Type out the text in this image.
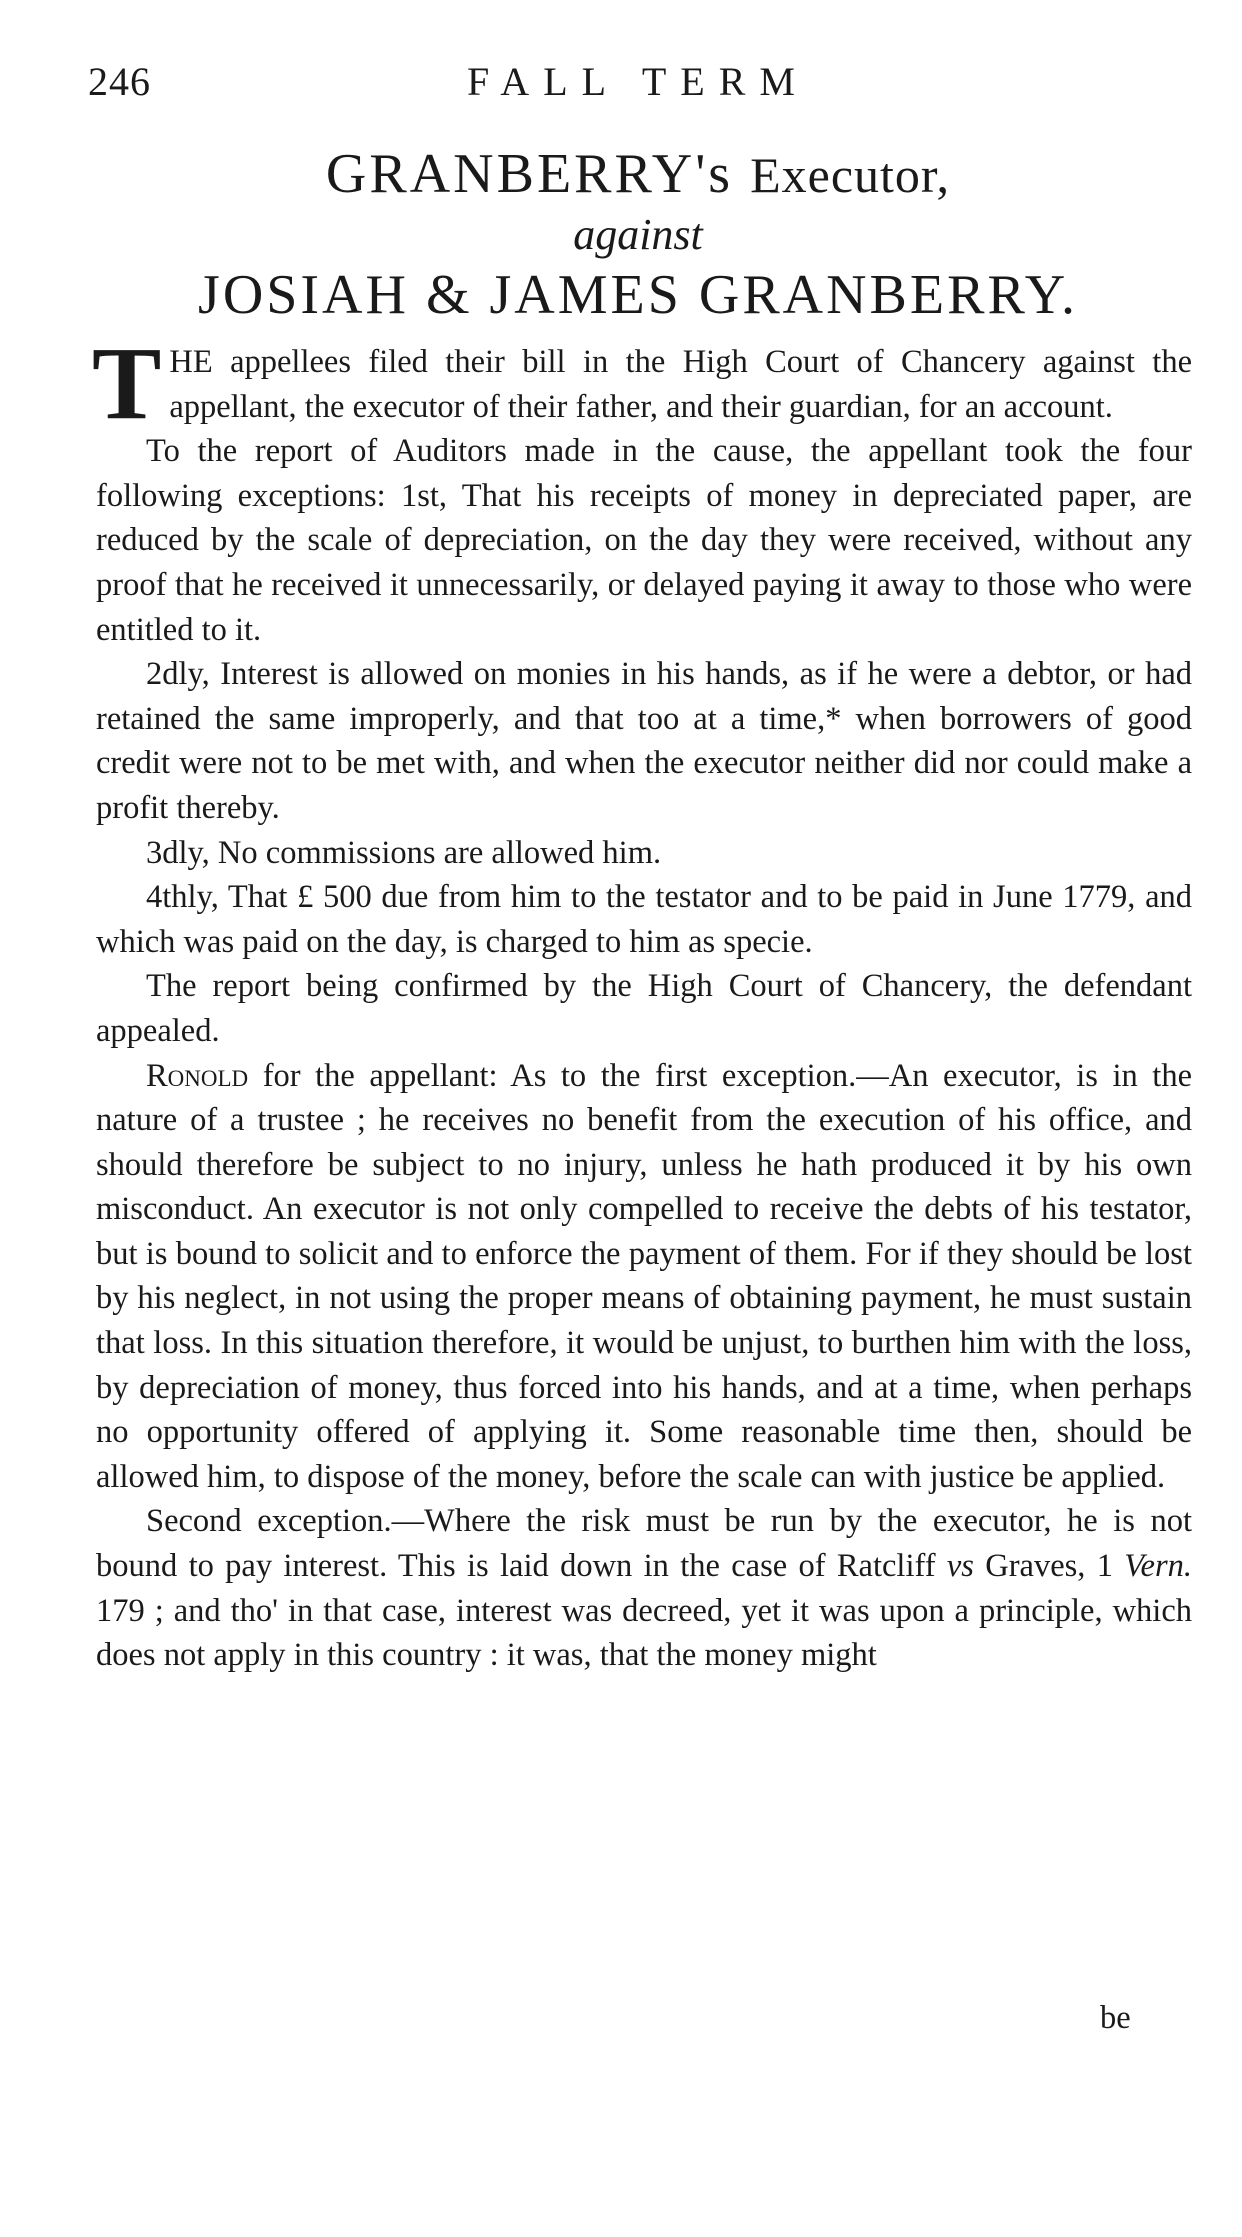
246	FALL TERM
GRANBERRY's Executor,
against
JOSIAH & JAMES GRANBERRY.

THE appellees filed their bill in the High Court of Chancery against the appellant, the executor of their father, and their guardian, for an account.

To the report of Auditors made in the cause, the appellant took the four following exceptions: 1st, That his receipts of money in depreciated paper, are reduced by the scale of depreciation, on the day they were received, without any proof that he received it unnecessarily, or delayed paying it away to those who were entitled to it.

2dly, Interest is allowed on monies in his hands, as if he were a debtor, or had retained the same improperly, and that too at a time,* when borrowers of good credit were not to be met with, and when the executor neither did nor could make a profit thereby.

3dly, No commissions are allowed him.

4thly, That £ 500 due from him to the testator and to be paid in June 1779, and which was paid on the day, is charged to him as specie.

The report being confirmed by the High Court of Chancery, the defendant appealed.

Ronold for the appellant: As to the first exception.—An executor, is in the nature of a trustee ; he receives no benefit from the execution of his office, and should therefore be subject to no injury, unless he hath produced it by his own misconduct. An executor is not only compelled to receive the debts of his testator, but is bound to solicit and to enforce the payment of them. For if they should be lost by his neglect, in not using the proper means of obtaining payment, he must sustain that loss. In this situation therefore, it would be unjust, to burthen him with the loss, by depreciation of money, thus forced into his hands, and at a time, when perhaps no opportunity offered of applying it. Some reasonable time then, should be allowed him, to dispose of the money, before the scale can with justice be applied.

Second exception.—Where the risk must be run by the executor, he is not bound to pay interest. This is laid down in the case of Ratcliff vs Graves, 1 Vern. 179 ; and tho' in that case, interest was decreed, yet it was upon a principle, which does not apply in this country : it was, that the money might

be
